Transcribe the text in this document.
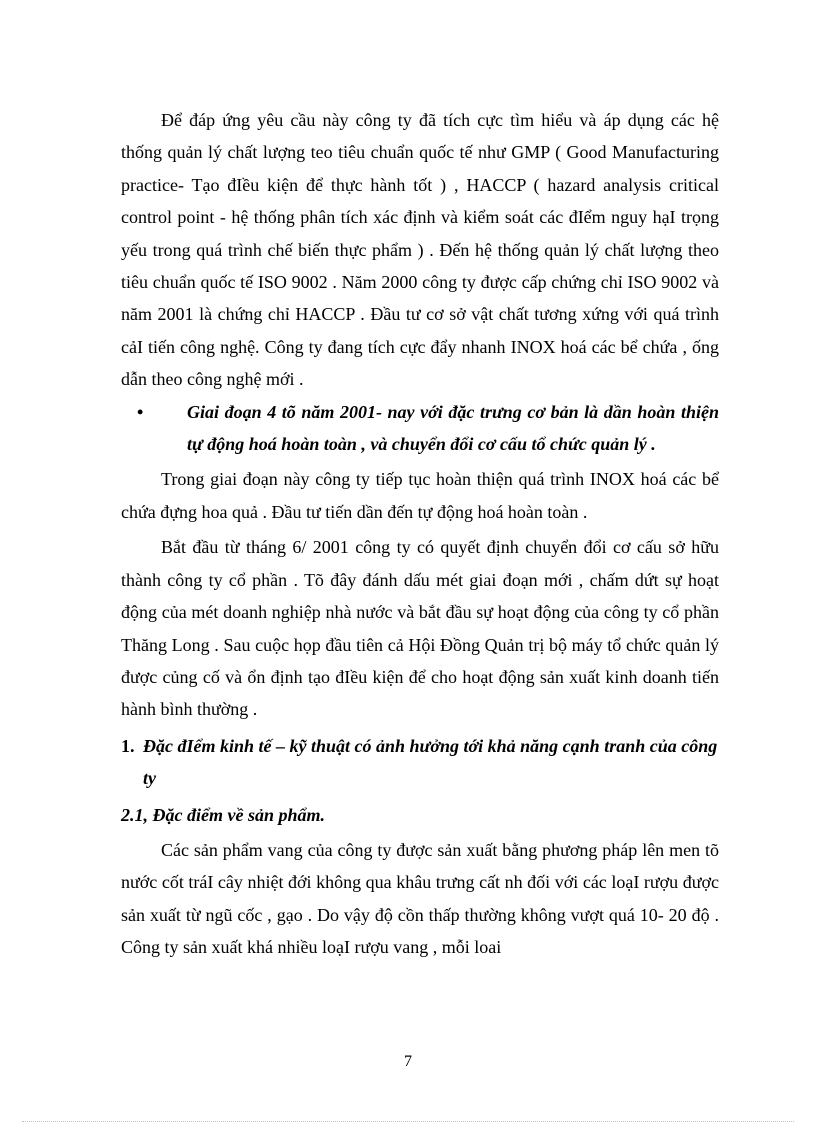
Để đáp ứng yêu cầu này công ty đã tích cực tìm hiểu và áp dụng các hệ thống quản lý chất lượng teo tiêu chuẩn quốc tế như GMP ( Good Manufacturing practice- Tạo đIều kiện để thực hành tốt ) , HACCP ( hazard analysis critical control point - hệ thống phân tích xác định và kiểm soát các đIểm nguy hạI trọng yếu trong quá trình chế biến thực phẩm ) . Đến hệ thống quản lý chất lượng theo tiêu chuẩn quốc tế ISO 9002 . Năm 2000 công ty được cấp chứng chỉ ISO 9002 và năm 2001 là chứng chỉ HACCP . Đầu tư cơ sở vật chất tương xứng với quá trình cảI tiến công nghệ. Công ty đang tích cực đẩy nhanh INOX hoá các bể chứa , ống dẫn theo công nghệ mới .

• Giai đoạn 4 tõ năm 2001- nay với đặc trưng cơ bản là dần hoàn thiện tự động hoá hoàn toàn , và chuyển đổi cơ cấu tổ chức quản lý .

Trong giai đoạn này công ty tiếp tục hoàn thiện quá trình INOX hoá các bể chứa đựng hoa quả . Đầu tư tiến dần đến tự động hoá hoàn toàn .

Bắt đầu từ tháng 6/ 2001 công ty có quyết định chuyển đổi cơ cấu sở hữu thành công ty cổ phần . Tõ đây đánh dấu mét giai đoạn mới , chấm dứt sự hoạt động của mét doanh nghiệp nhà nước và bắt đầu sự hoạt động của công ty cổ phần Thăng Long . Sau cuộc họp đầu tiên cả Hội Đồng Quản trị bộ máy tổ chức quản lý được củng cố và ổn định tạo đIều kiện để cho hoạt động sản xuất kinh doanh tiến hành bình thường .

1. Đặc đIểm kinh tế – kỹ thuật có ảnh hưởng tới khả năng cạnh tranh của công ty
2.1, Đặc điểm về sản phẩm.

Các sản phẩm vang của công ty được sản xuất bằng phương pháp lên men tõ nước cốt tráI cây nhiệt đới không qua khâu trưng cất nh đối với các loạI rượu được sản xuất từ ngũ cốc , gạo . Do vậy độ cồn thấp thường không vượt quá 10- 20 độ . Công ty sản xuất khá nhiều loạI rượu vang , mỗi loai

7
